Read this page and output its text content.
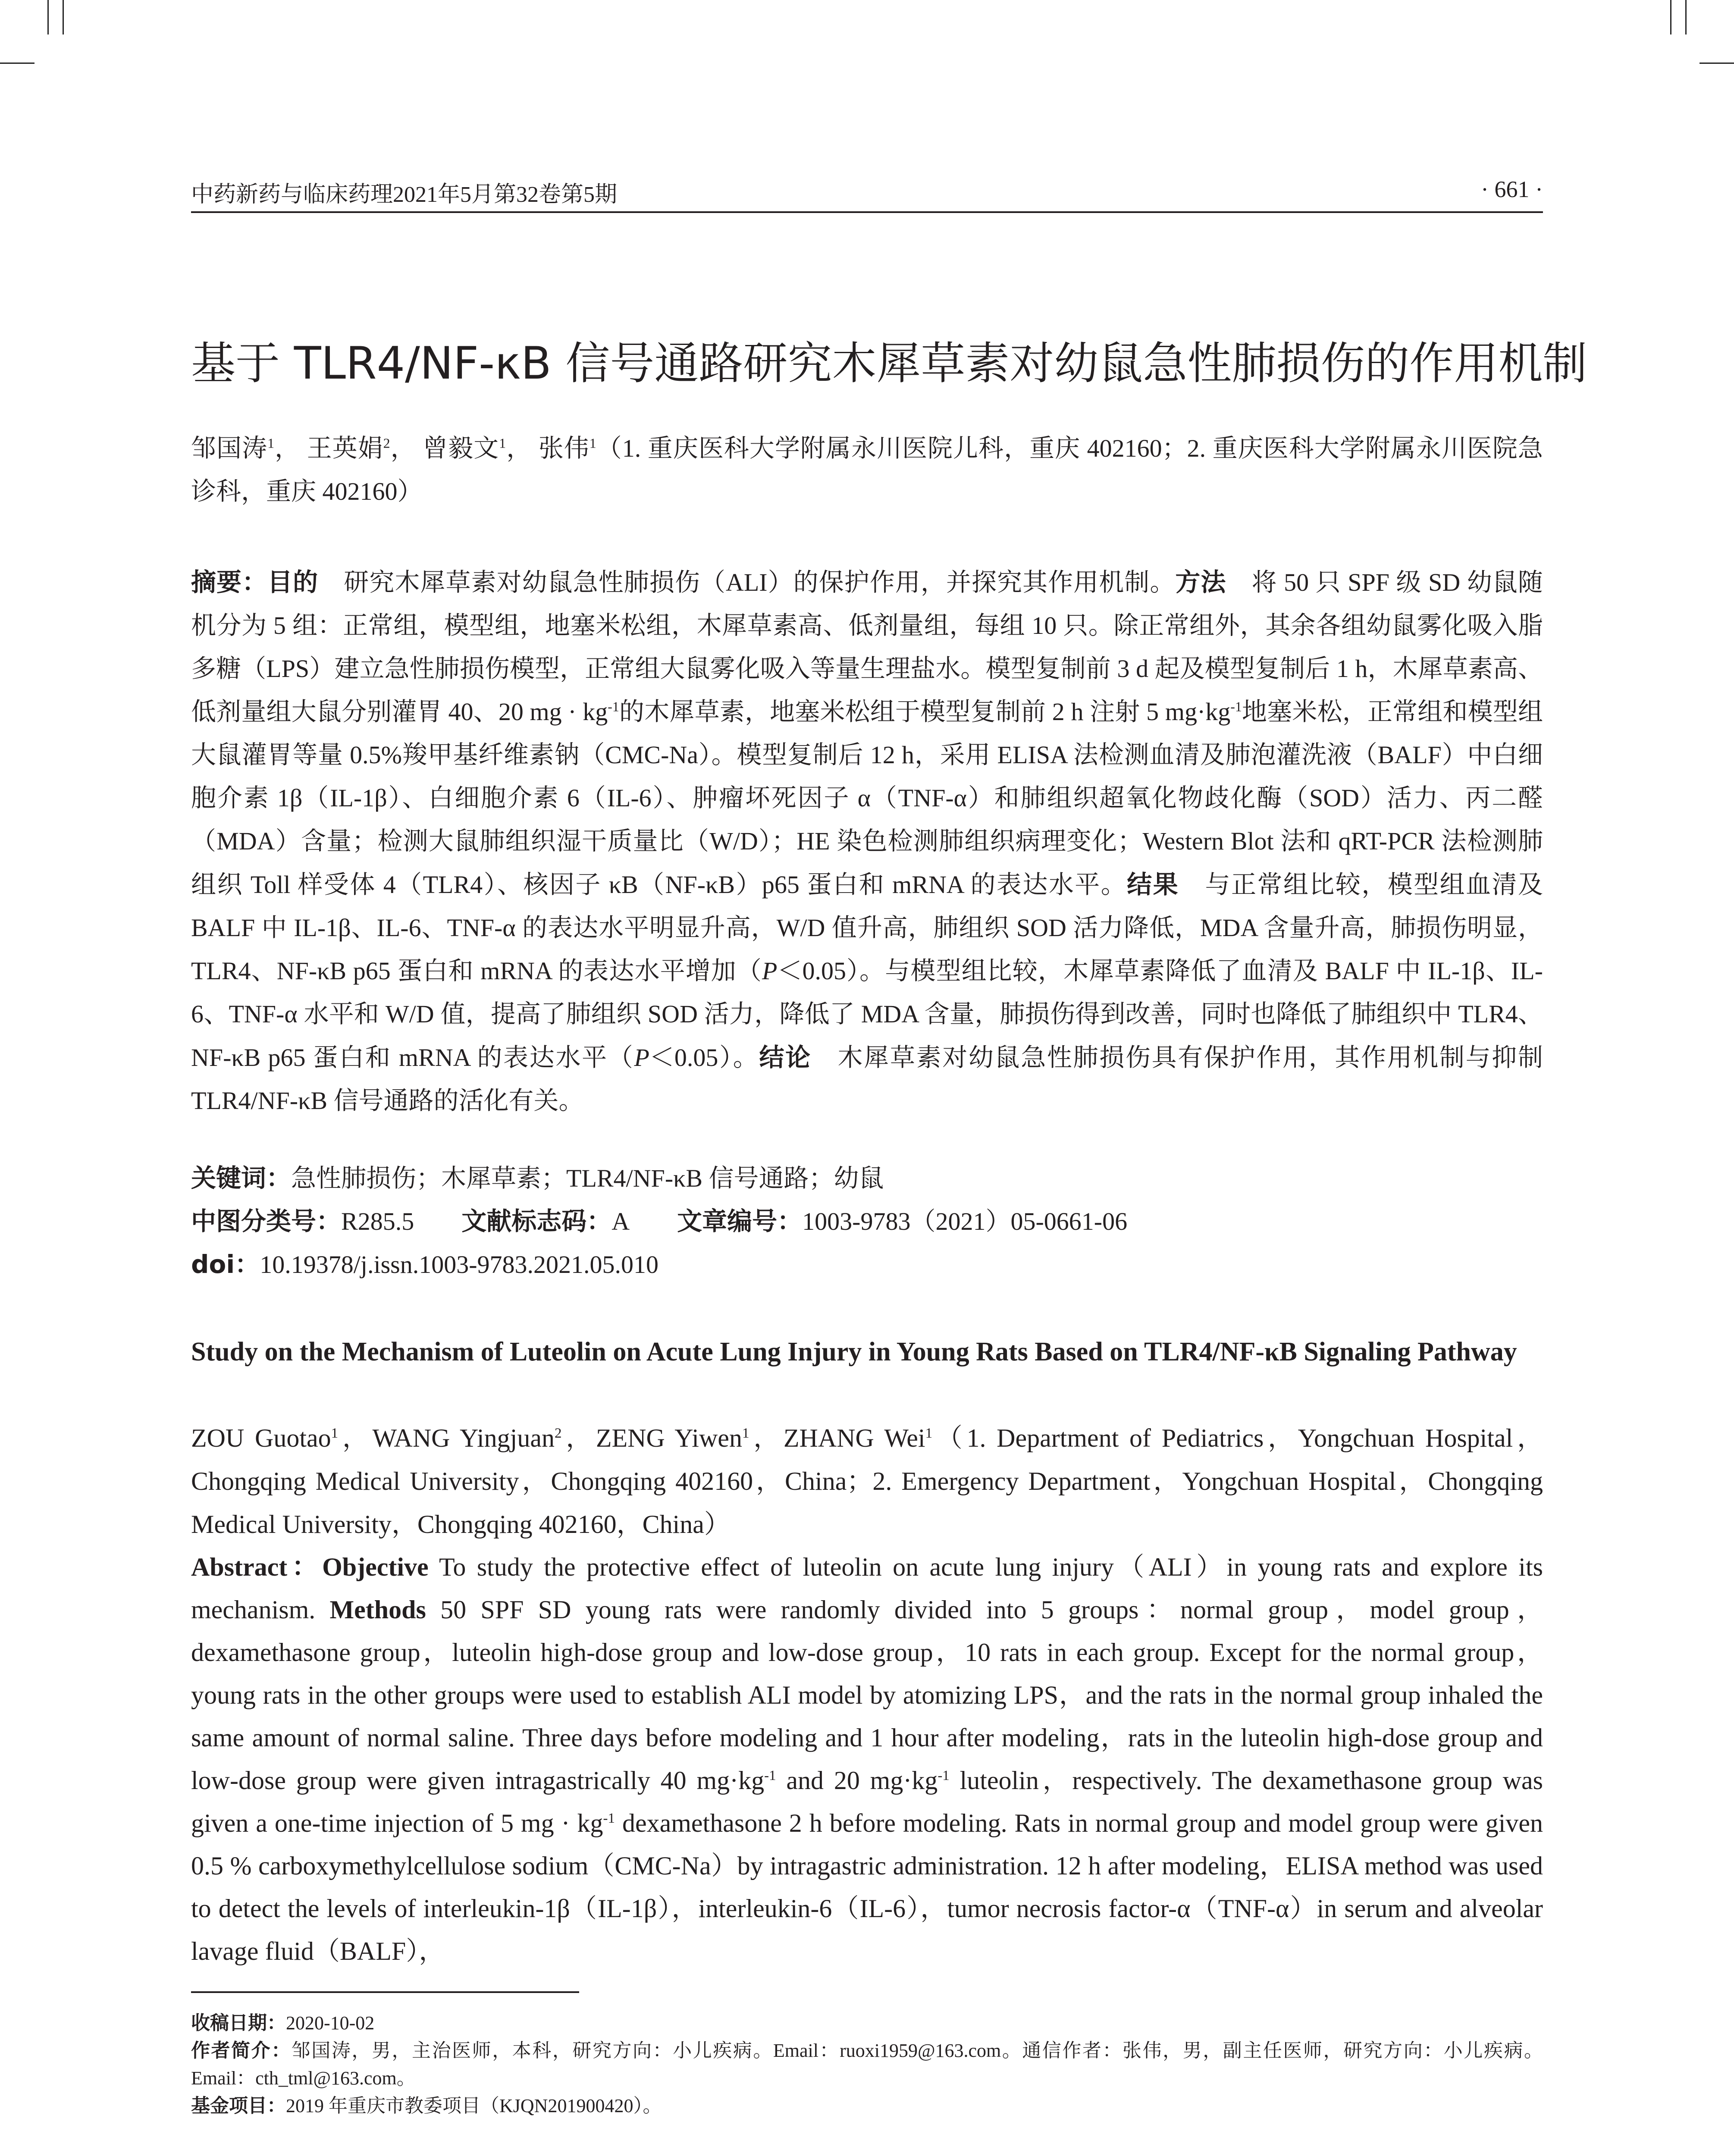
中药新药与临床药理2021年5月第32卷第5期	· 661 ·
基于 TLR4/NF-κB 信号通路研究木犀草素对幼鼠急性肺损伤的作用机制
邹国涛$^1$， 王英娟$^2$， 曾毅文$^1$， 张伟$^1$（1. 重庆医科大学附属永川医院儿科，重庆 402160；2. 重庆医科大学附属永川医院急诊科，重庆 402160）
摘要：目的　 研究木犀草素对幼鼠急性肺损伤（ALI）的保护作用，并探究其作用机制。方法　 将 50 只 SPF 级 SD 幼鼠随机分为 5 组：正常组，模型组，地塞米松组，木犀草素高、低剂量组，每组 10 只。除正常组外，其余各组幼鼠雾化吸入脂多糖（LPS）建立急性肺损伤模型，正常组大鼠雾化吸入等量生理盐水。模型复制前 3 d 起及模型复制后 1 h，木犀草素高、低剂量组大鼠分别灌胃 40、20 mg · $kg^{-1}$的木犀草素，地塞米松组于模型复制前 2 h 注射 5 $mg\cdot kg^{-1}$地塞米松，正常组和模型组大鼠灌胃等量 0.5%羧甲基纤维素钠（CMC-Na）。模型复制后 12 h，采用 ELISA 法检测血清及肺泡灌洗液（BALF）中白细胞介素 1β（IL-1β）、白细胞介素 6（IL-6）、肿瘤坏死因子 α（TNF-α）和肺组织超氧化物歧化酶（SOD）活力、丙二醛（MDA）含量；检测大鼠肺组织湿干质量比（W/D）；HE 染色检测肺组织病理变化；Western Blot 法和 qRT-PCR 法检测肺组织 Toll 样受体 4（TLR4）、核因子 κB（NF-κB）p65 蛋白和 mRNA 的表达水平。结果　 与正常组比较，模型组血清及 BALF 中 IL-1β、IL-6、TNF-α 的表达水平明显升高，W/D 值升高，肺组织 SOD 活力降低，MDA 含量升高，肺损伤明显，TLR4、NF-κB p65 蛋白和 mRNA 的表达水平增加（P＜0.05）。与模型组比较，木犀草素降低了血清及 BALF 中 IL-1β、IL-6、TNF-α 水平和 W/D 值，提高了肺组织 SOD 活力，降低了 MDA 含量，肺损伤得到改善，同时也降低了肺组织中 TLR4、NF-κB p65 蛋白和 mRNA 的表达水平（P＜0.05）。结论　 木犀草素对幼鼠急性肺损伤具有保护作用，其作用机制与抑制 TLR4/NF-κB 信号通路的活化有关。
关键词：急性肺损伤；木犀草素；TLR4/NF-κB 信号通路；幼鼠
中图分类号：R285.5 文献标志码：A 文章编号：1003-9783（2021）05-0661-06
doi：10.19378/j.issn.1003-9783.2021.05.010
Study on the Mechanism of Luteolin on Acute Lung Injury in Young Rats Based on TLR4/NF-κB Signaling Pathway
ZOU Guotao$^1$，WANG Yingjuan$^2$，ZENG Yiwen$^1$，ZHANG Wei$^1$（1. Department of Pediatrics，Yongchuan Hospital，Chongqing Medical University，Chongqing 402160，China；2. Emergency Department，Yongchuan Hospital，Chongqing Medical University，Chongqing 402160，China）
Abstract：Objective To study the protective effect of luteolin on acute lung injury（ALI）in young rats and explore its mechanism. Methods 50 SPF SD young rats were randomly divided into 5 groups：normal group，model group，dexamethasone group，luteolin high-dose group and low-dose group，10 rats in each group. Except for the normal group，young rats in the other groups were used to establish ALI model by atomizing LPS，and the rats in the normal group inhaled the same amount of normal saline. Three days before modeling and 1 hour after modeling，rats in the luteolin high-dose group and low-dose group were given intragastrically 40 $mg\cdot kg^{-1}$ and 20 $mg\cdot kg^{-1}$ luteolin，respectively. The dexamethasone group was given a one-time injection of 5 mg · $kg^{-1}$ dexamethasone 2 h before modeling. Rats in normal group and model group were given 0.5 % carboxymethylcellulose sodium（CMC-Na）by intragastric administration. 12 h after modeling，ELISA method was used to detect the levels of interleukin-1β（IL-1β），interleukin-6（IL-6），tumor necrosis factor-α（TNF-α）in serum and alveolar lavage fluid（BALF），

收稿日期：2020-10-02

作者简介：邹国涛，男，主治医师，本科，研究方向：小儿疾病。Email：ruoxi1959@163.com。通信作者：张伟，男，副主任医师，研究方向：小儿疾病。Email：cth_tml@163.com。

基金项目：2019 年重庆市教委项目（KJQN201900420）。
